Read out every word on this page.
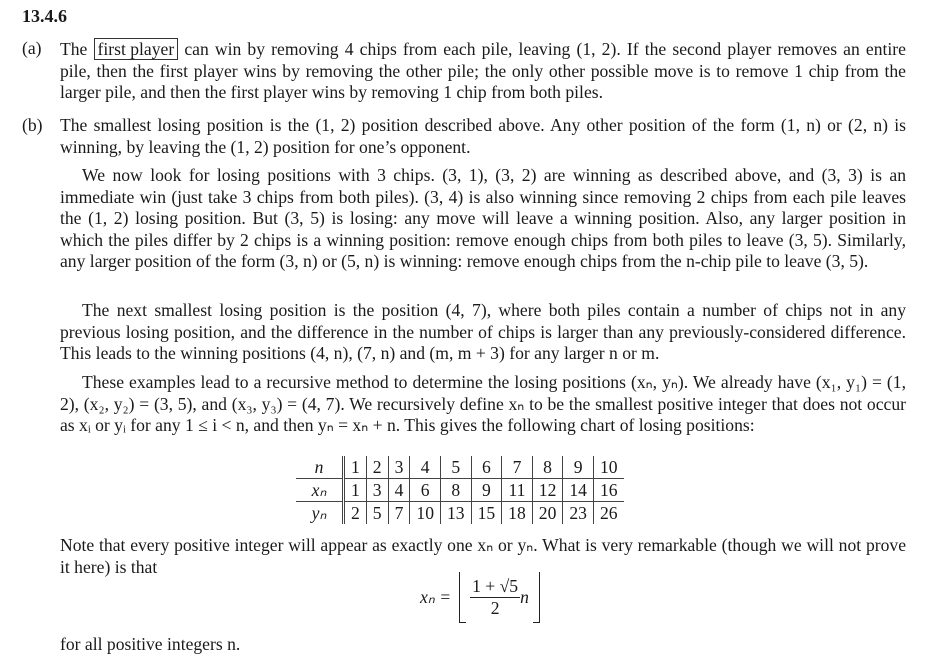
13.4.6
(a) The first player can win by removing 4 chips from each pile, leaving (1, 2). If the second player removes an entire pile, then the first player wins by removing the other pile; the only other possible move is to remove 1 chip from the larger pile, and then the first player wins by removing 1 chip from both piles.
(b) The smallest losing position is the (1, 2) position described above. Any other position of the form (1, n) or (2, n) is winning, by leaving the (1, 2) position for one’s opponent.
We now look for losing positions with 3 chips. (3, 1), (3, 2) are winning as described above, and (3, 3) is an immediate win (just take 3 chips from both piles). (3, 4) is also winning since removing 2 chips from each pile leaves the (1, 2) losing position. But (3, 5) is losing: any move will leave a winning position. Also, any larger position in which the piles differ by 2 chips is a winning position: remove enough chips from both piles to leave (3, 5). Similarly, any larger position of the form (3, n) or (5, n) is winning: remove enough chips from the n-chip pile to leave (3, 5).
The next smallest losing position is the position (4, 7), where both piles contain a number of chips not in any previous losing position, and the difference in the number of chips is larger than any previously-considered difference. This leads to the winning positions (4, n), (7, n) and (m, m + 3) for any larger n or m.
These examples lead to a recursive method to determine the losing positions (xₙ, yₙ). We already have (x₁, y₁) = (1, 2), (x₂, y₂) = (3, 5), and (x₃, y₃) = (4, 7). We recursively define xₙ to be the smallest positive integer that does not occur as xᵢ or yᵢ for any 1 ≤ i < n, and then yₙ = xₙ + n. This gives the following chart of losing positions:
n	1	2	3	4	5	6	7	8	9	10
xₙ	1	3	4	6	8	9	11	12	14	16
yₙ	2	5	7	10	13	15	18	20	23	26
Note that every positive integer will appear as exactly one xₙ or yₙ. What is very remarkable (though we will not prove it here) is that
$x_n = \frac{1 + √5}{2}$ n
for all positive integers n.
